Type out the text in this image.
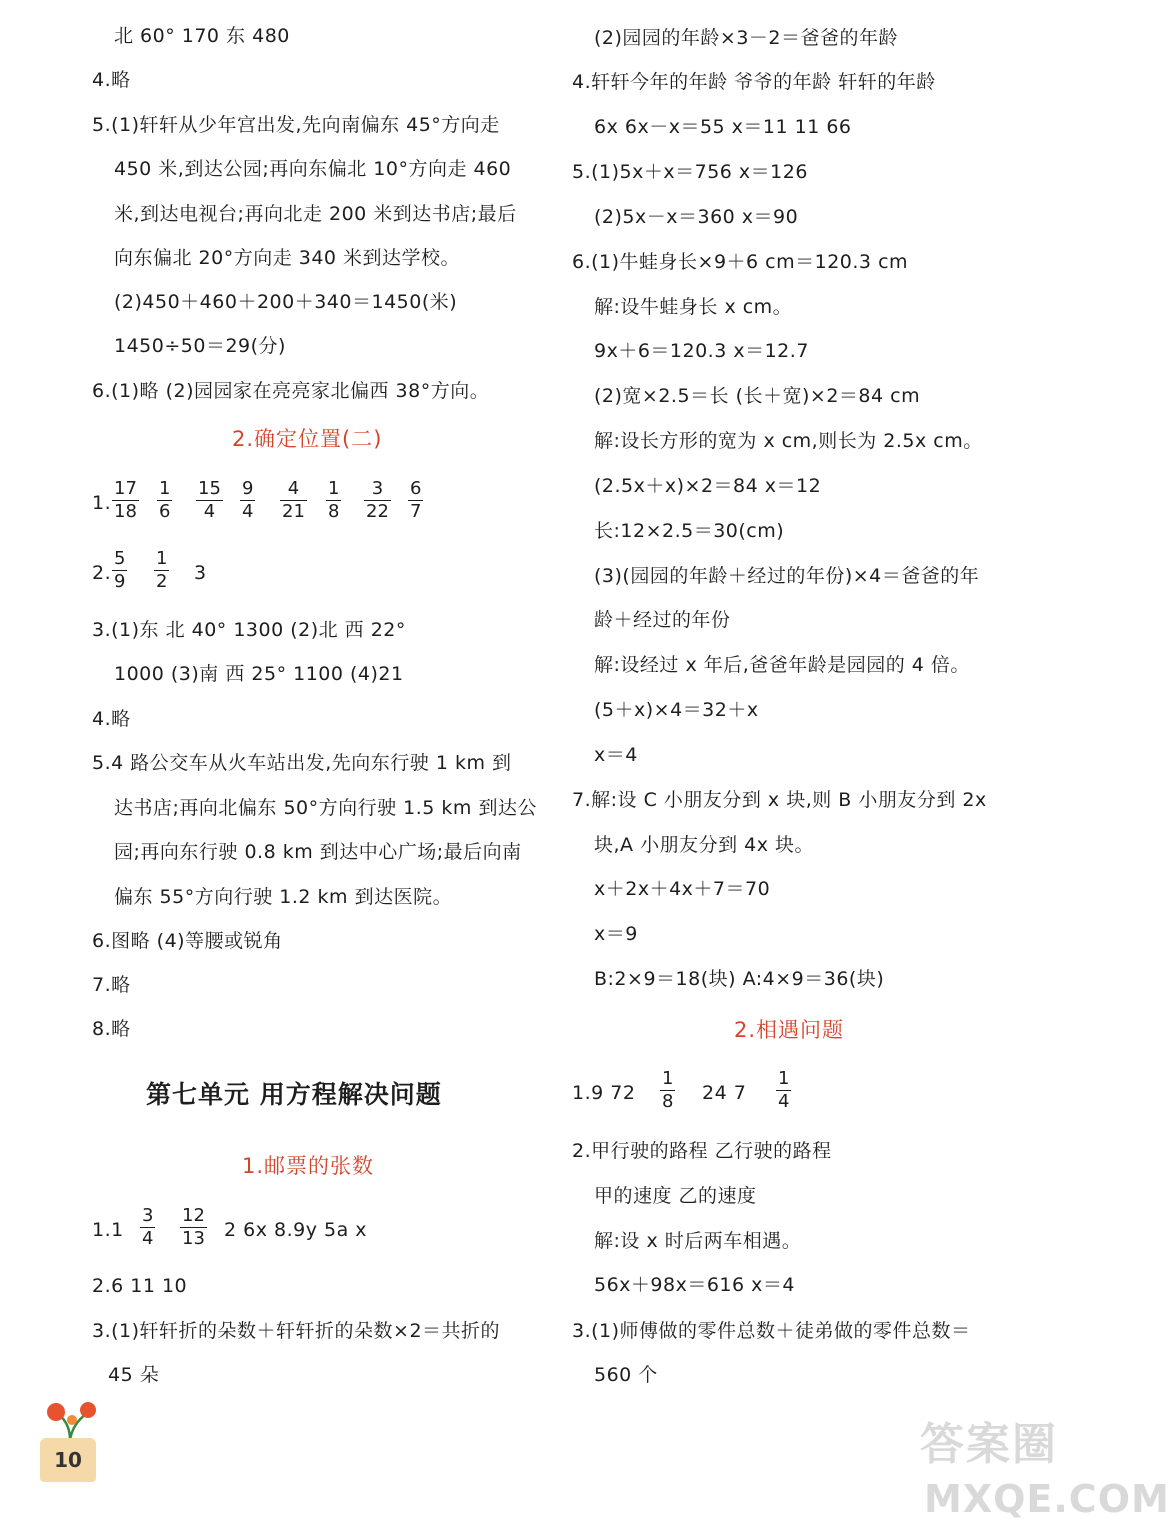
北 60° 170 东 480
4.略
5.(1)轩轩从少年宫出发,先向南偏东 45°方向走
450 米,到达公园;再向东偏北 10°方向走 460
米,到达电视台;再向北走 200 米到达书店;最后
向东偏北 20°方向走 340 米到达学校。
(2)450＋460＋200＋340＝1450(米)
1450÷50＝29(分)
6.(1)略 (2)园园家在亮亮家北偏西 38°方向。
2.确定位置(二)
1.
17
18
1
6
15
4
9
4
4
21
1
8
3
22
6
7
2.
5
9
1
2 3
3.(1)东 北 40° 1300 (2)北 西 22°
1000 (3)南 西 25° 1100 (4)21
4.略
5.4 路公交车从火车站出发,先向东行驶 1 km 到
达书店;再向北偏东 50°方向行驶 1.5 km 到达公
园;再向东行驶 0.8 km 到达中心广场;最后向南
偏东 55°方向行驶 1.2 km 到达医院。
6.图略 (4)等腰或锐角
7.略
8.略
第七单元 用方程解决问题
1.邮票的张数
1.1
3
4
12
13 2 6x 8.9y 5a x
2.6 11 10
3.(1)轩轩折的朵数＋轩轩折的朵数×2＝共折的
45 朵
(2)园园的年龄×3－2＝爸爸的年龄
4.轩轩今年的年龄 爷爷的年龄 轩轩的年龄
6x 6x－x＝55 x＝11 11 66
5.(1)5x＋x＝756 x＝126
(2)5x－x＝360 x＝90
6.(1)牛蛙身长×9＋6 cm＝120.3 cm
解:设牛蛙身长 x cm。
9x＋6＝120.3 x＝12.7
(2)宽×2.5＝长 (长＋宽)×2＝84 cm
解:设长方形的宽为 x cm,则长为 2.5x cm。
(2.5x＋x)×2＝84 x＝12
长:12×2.5＝30(cm)
(3)(园园的年龄＋经过的年份)×4＝爸爸的年
龄＋经过的年份
解:设经过 x 年后,爸爸年龄是园园的 4 倍。
(5＋x)×4＝32＋x
x＝4
7.解:设 C 小朋友分到 x 块,则 B 小朋友分到 2x
块,A 小朋友分到 4x 块。
x＋2x＋4x＋7＝70
x＝9
B:2×9＝18(块) A:4×9＝36(块)
2.相遇问题
1.9 72
1
8 24 7
1
4
2.甲行驶的路程 乙行驶的路程
甲的速度 乙的速度
解:设 x 时后两车相遇。
56x＋98x＝616 x＝4
3.(1)师傅做的零件总数＋徒弟做的零件总数＝
560 个
10	答案圈
MXQE.COM
